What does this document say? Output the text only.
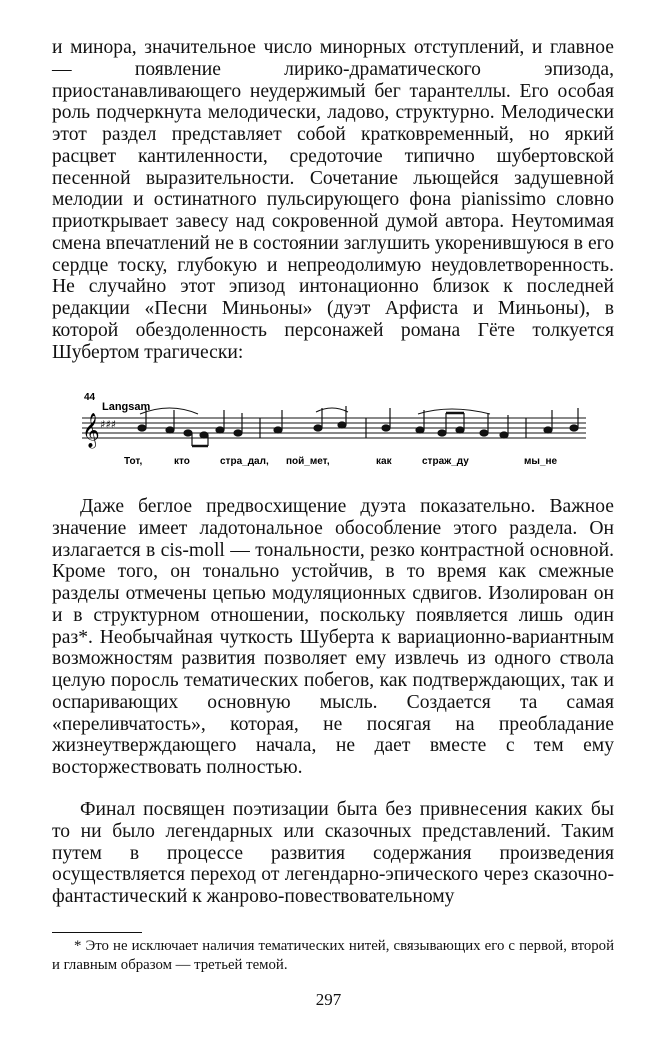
и минора, значительное число минорных отступлений, и главное — появление лирико-драматического эпизода, приостанавливающего неудержимый бег тарантеллы. Его особая роль подчеркнута мелодически, ладово, структурно. Мелодически этот раздел представляет собой кратковременный, но яркий расцвет кантиленности, средоточие типично шубертовской песенной выразительности. Сочетание льющейся задушевной мелодии и остинатного пульсирующего фона pianissimo словно приоткрывает завесу над сокровенной думой автора. Неутомимая смена впечатлений не в состоянии заглушить укоренившуюся в его сердце тоску, глубокую и непреодолимую неудовлетворенность. Не случайно этот эпизод интонационно близок к последней редакции «Песни Миньоны» (дуэт Арфиста и Миньоны), в которой обездоленность персонажей романа Гёте толкуется Шубертом трагически:

44
Langsam
𝄞 ♯♯♯
Тот,	кто	стра_дал, пой_мет,	как	страж_ду	мы_не

Даже беглое предвосхищение дуэта показательно. Важное значение имеет ладотональное обособление этого раздела. Он излагается в cis-moll — тональности, резко контрастной основной. Кроме того, он тонально устойчив, в то время как смежные разделы отмечены цепью модуляционных сдвигов. Изолирован он и в структурном отношении, поскольку появляется лишь один раз*. Необычайная чуткость Шуберта к вариационно-вариантным возможностям развития позволяет ему извлечь из одного ствола целую поросль тематических побегов, как подтверждающих, так и оспаривающих основную мысль. Создается та самая «переливчатость», которая, не посягая на преобладание жизнеутверждающего начала, не дает вместе с тем ему восторжествовать полностью.

Финал посвящен поэтизации быта без привнесения каких бы то ни было легендарных или сказочных представлений. Таким путем в процессе развития содержания произведения осуществляется переход от легендарно-эпического через сказочно-фантастический к жанрово-повествовательному

* Это не исключает наличия тематических нитей, связывающих его с первой, второй и главным образом — третьей темой.

297
